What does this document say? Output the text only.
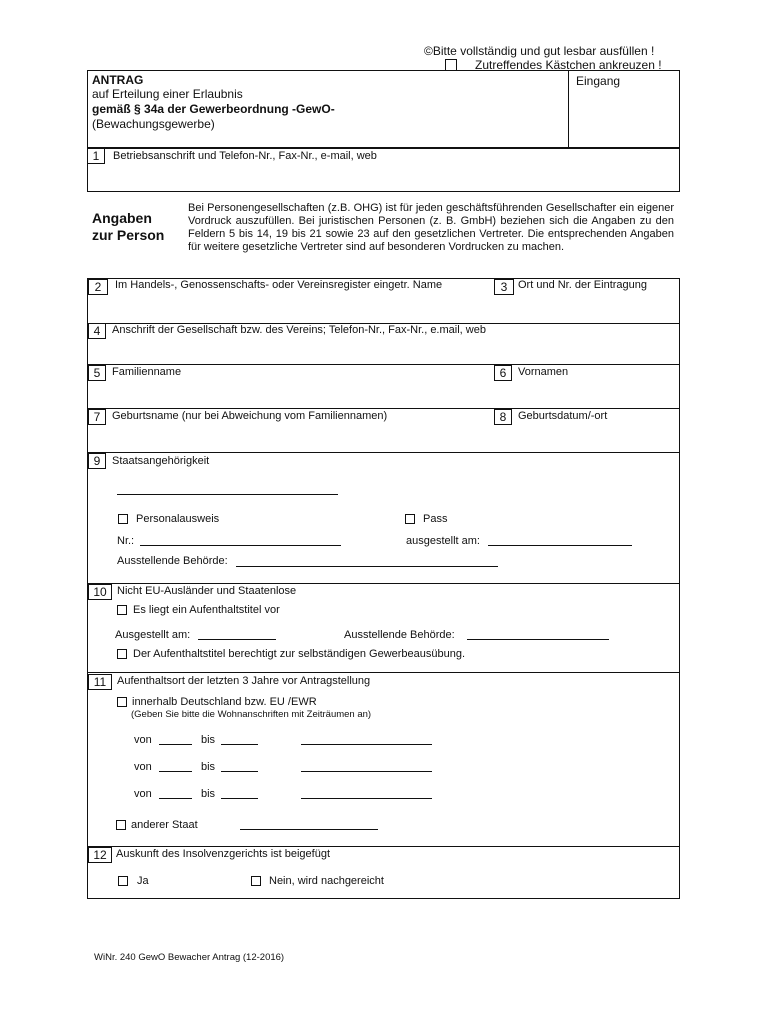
©Bitte vollständig und gut lesbar ausfüllen !
Zutreffendes Kästchen ankreuzen !
Eingang
ANTRAG
auf Erteilung einer Erlaubnis
gemäß § 34a der Gewerbeordnung -GewO-
(Bewachungsgewerbe)
1	Betriebsanschrift und Telefon-Nr., Fax-Nr., e-mail, web
Angaben
zur Person
Bei Personengesellschaften (z.B. OHG) ist für jeden geschäftsführenden Gesellschafter ein eigener Vordruck auszufüllen. Bei juristischen Personen (z. B. GmbH) beziehen sich die Angaben zu den Feldern 5 bis 14, 19 bis 21 sowie 23 auf den gesetzlichen Vertreter. Die entsprechenden Angaben für weitere gesetzliche Vertreter sind auf besonderen Vordrucken zu machen.
2	Im Handels-, Genossenschafts- oder Vereinsregister eingetr. Name	3 Ort und Nr. der Eintragung
4	Anschrift der Gesellschaft bzw. des Vereins; Telefon-Nr., Fax-Nr., e.mail, web
5	Familienname	6	Vornamen
7	Geburtsname (nur bei Abweichung vom Familiennamen)	8	Geburtsdatum/-ort
9	Staatsangehörigkeit
Personalausweis	Pass
Nr.:	ausgestellt am:
Ausstellende Behörde:
10 Nicht EU-Ausländer und Staatenlose
Es liegt ein Aufenthaltstitel vor
Ausgestellt am:	Ausstellende Behörde:
Der Aufenthaltstitel berechtigt zur selbständigen Gewerbeausübung.
11 Aufenthaltsort der letzten 3 Jahre vor Antragstellung
innerhalb Deutschland bzw. EU /EWR
(Geben Sie bitte die Wohnanschriften mit Zeiträumen an)
von	bis
von	bis
von	bis
anderer Staat
12 Auskunft des Insolvenzgerichts ist beigefügt
Ja	Nein, wird nachgereicht
WiNr. 240 GewO Bewacher Antrag (12-2016)
